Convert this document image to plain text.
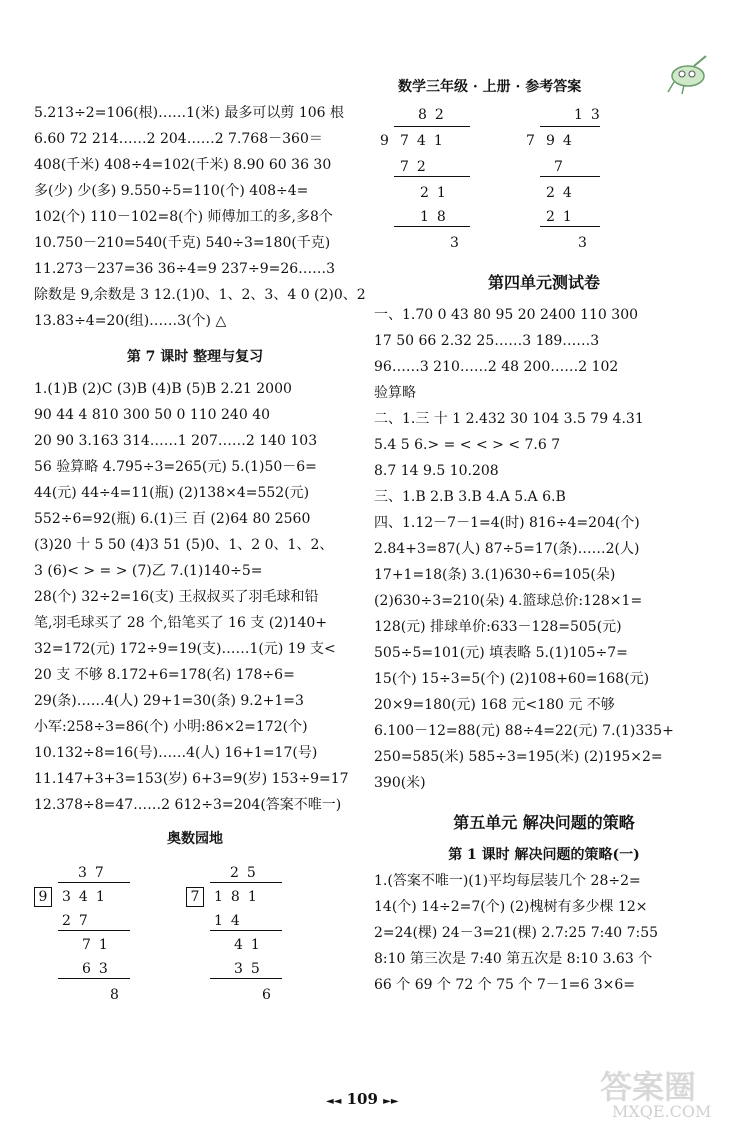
数学三年级 · 上册 · 参考答案
5.213÷2=106(根)……1(米) 最多可以剪 106 根
6.60 72 214……2 204……2 7.768－360＝
408(千米) 408÷4=102(千米) 8.90 60 36 30
多(少) 少(多) 9.550÷5=110(个) 408÷4=
102(个) 110－102=8(个) 师傅加工的多,多8个
10.750－210=540(千克) 540÷3=180(千克)
11.273－237=36 36÷4=9 237÷9=26……3
除数是 9,余数是 3 12.(1)0、1、2、3、4 0 (2)0、2
13.83÷4=20(组)……3(个) △
第 7 课时 整理与复习
1.(1)B (2)C (3)B (4)B (5)B 2.21 2000
90 44 4 810 300 50 0 110 240 40
20 90 3.163 314……1 207……2 140 103
56 验算略 4.795÷3=265(元) 5.(1)50－6=
44(元) 44÷4=11(瓶) (2)138×4=552(元)
552÷6=92(瓶) 6.(1)三 百 (2)64 80 2560
(3)20 十 5 50 (4)3 51 (5)0、1、2 0、1、2、
3 (6)< > = > (7)乙 7.(1)140÷5=
28(个) 32÷2=16(支) 王叔叔买了羽毛球和铅
笔,羽毛球买了 28 个,铅笔买了 16 支 (2)140+
32=172(元) 172÷9=19(支)……1(元) 19 支<
20 支 不够 8.172+6=178(名) 178÷6=
29(条)……4(人) 29+1=30(条) 9.2+1=3
小军:258÷3=86(个) 小明:86×2=172(个)
10.132÷8=16(号)……4(人) 16+1=17(号)
11.147+3+3=153(岁) 6+3=9(岁) 153÷9=17
12.378÷8=47……2 612÷3=204(答案不唯一)
奥数园地
37
9	341
27
71
63
8
25
7	181
14
41
35
6
82
9 741
72
21
18
3
13
7 94
7
24
21
3
第四单元测试卷
一、1.70 0 43 80 95 20 2400 110 300
17 50 66 2.32 25……3 189……3
96……3 210……2 48 200……2 102
验算略
二、1.三 十 1 2.432 30 104 3.5 79 4.31
5.4 5 6.> = < < > < 7.6 7
8.7 14 9.5 10.208
三、1.B 2.B 3.B 4.A 5.A 6.B
四、1.12－7－1=4(时) 816÷4=204(个)
2.84+3=87(人) 87÷5=17(条)……2(人)
17+1=18(条) 3.(1)630÷6=105(朵)
(2)630÷3=210(朵) 4.篮球总价:128×1=
128(元) 排球单价:633－128=505(元)
505÷5=101(元) 填表略 5.(1)105÷7=
15(个) 15÷3=5(个) (2)108+60=168(元)
20×9=180(元) 168 元<180 元 不够
6.100－12=88(元) 88÷4=22(元) 7.(1)335+
250=585(米) 585÷3=195(米) (2)195×2=
390(米)
第五单元 解决问题的策略
第 1 课时 解决问题的策略(一)
1.(答案不唯一)(1)平均每层装几个 28÷2=
14(个) 14÷2=7(个) (2)槐树有多少棵 12×
2=24(棵) 24－3=21(棵) 2.7:25 7:40 7:55
8:10 第三次是 7:40 第五次是 8:10 3.63 个
66 个 69 个 72 个 75 个 7－1=6 3×6=
◄◄ 109 ►►	答案圈
MXQE.COM
